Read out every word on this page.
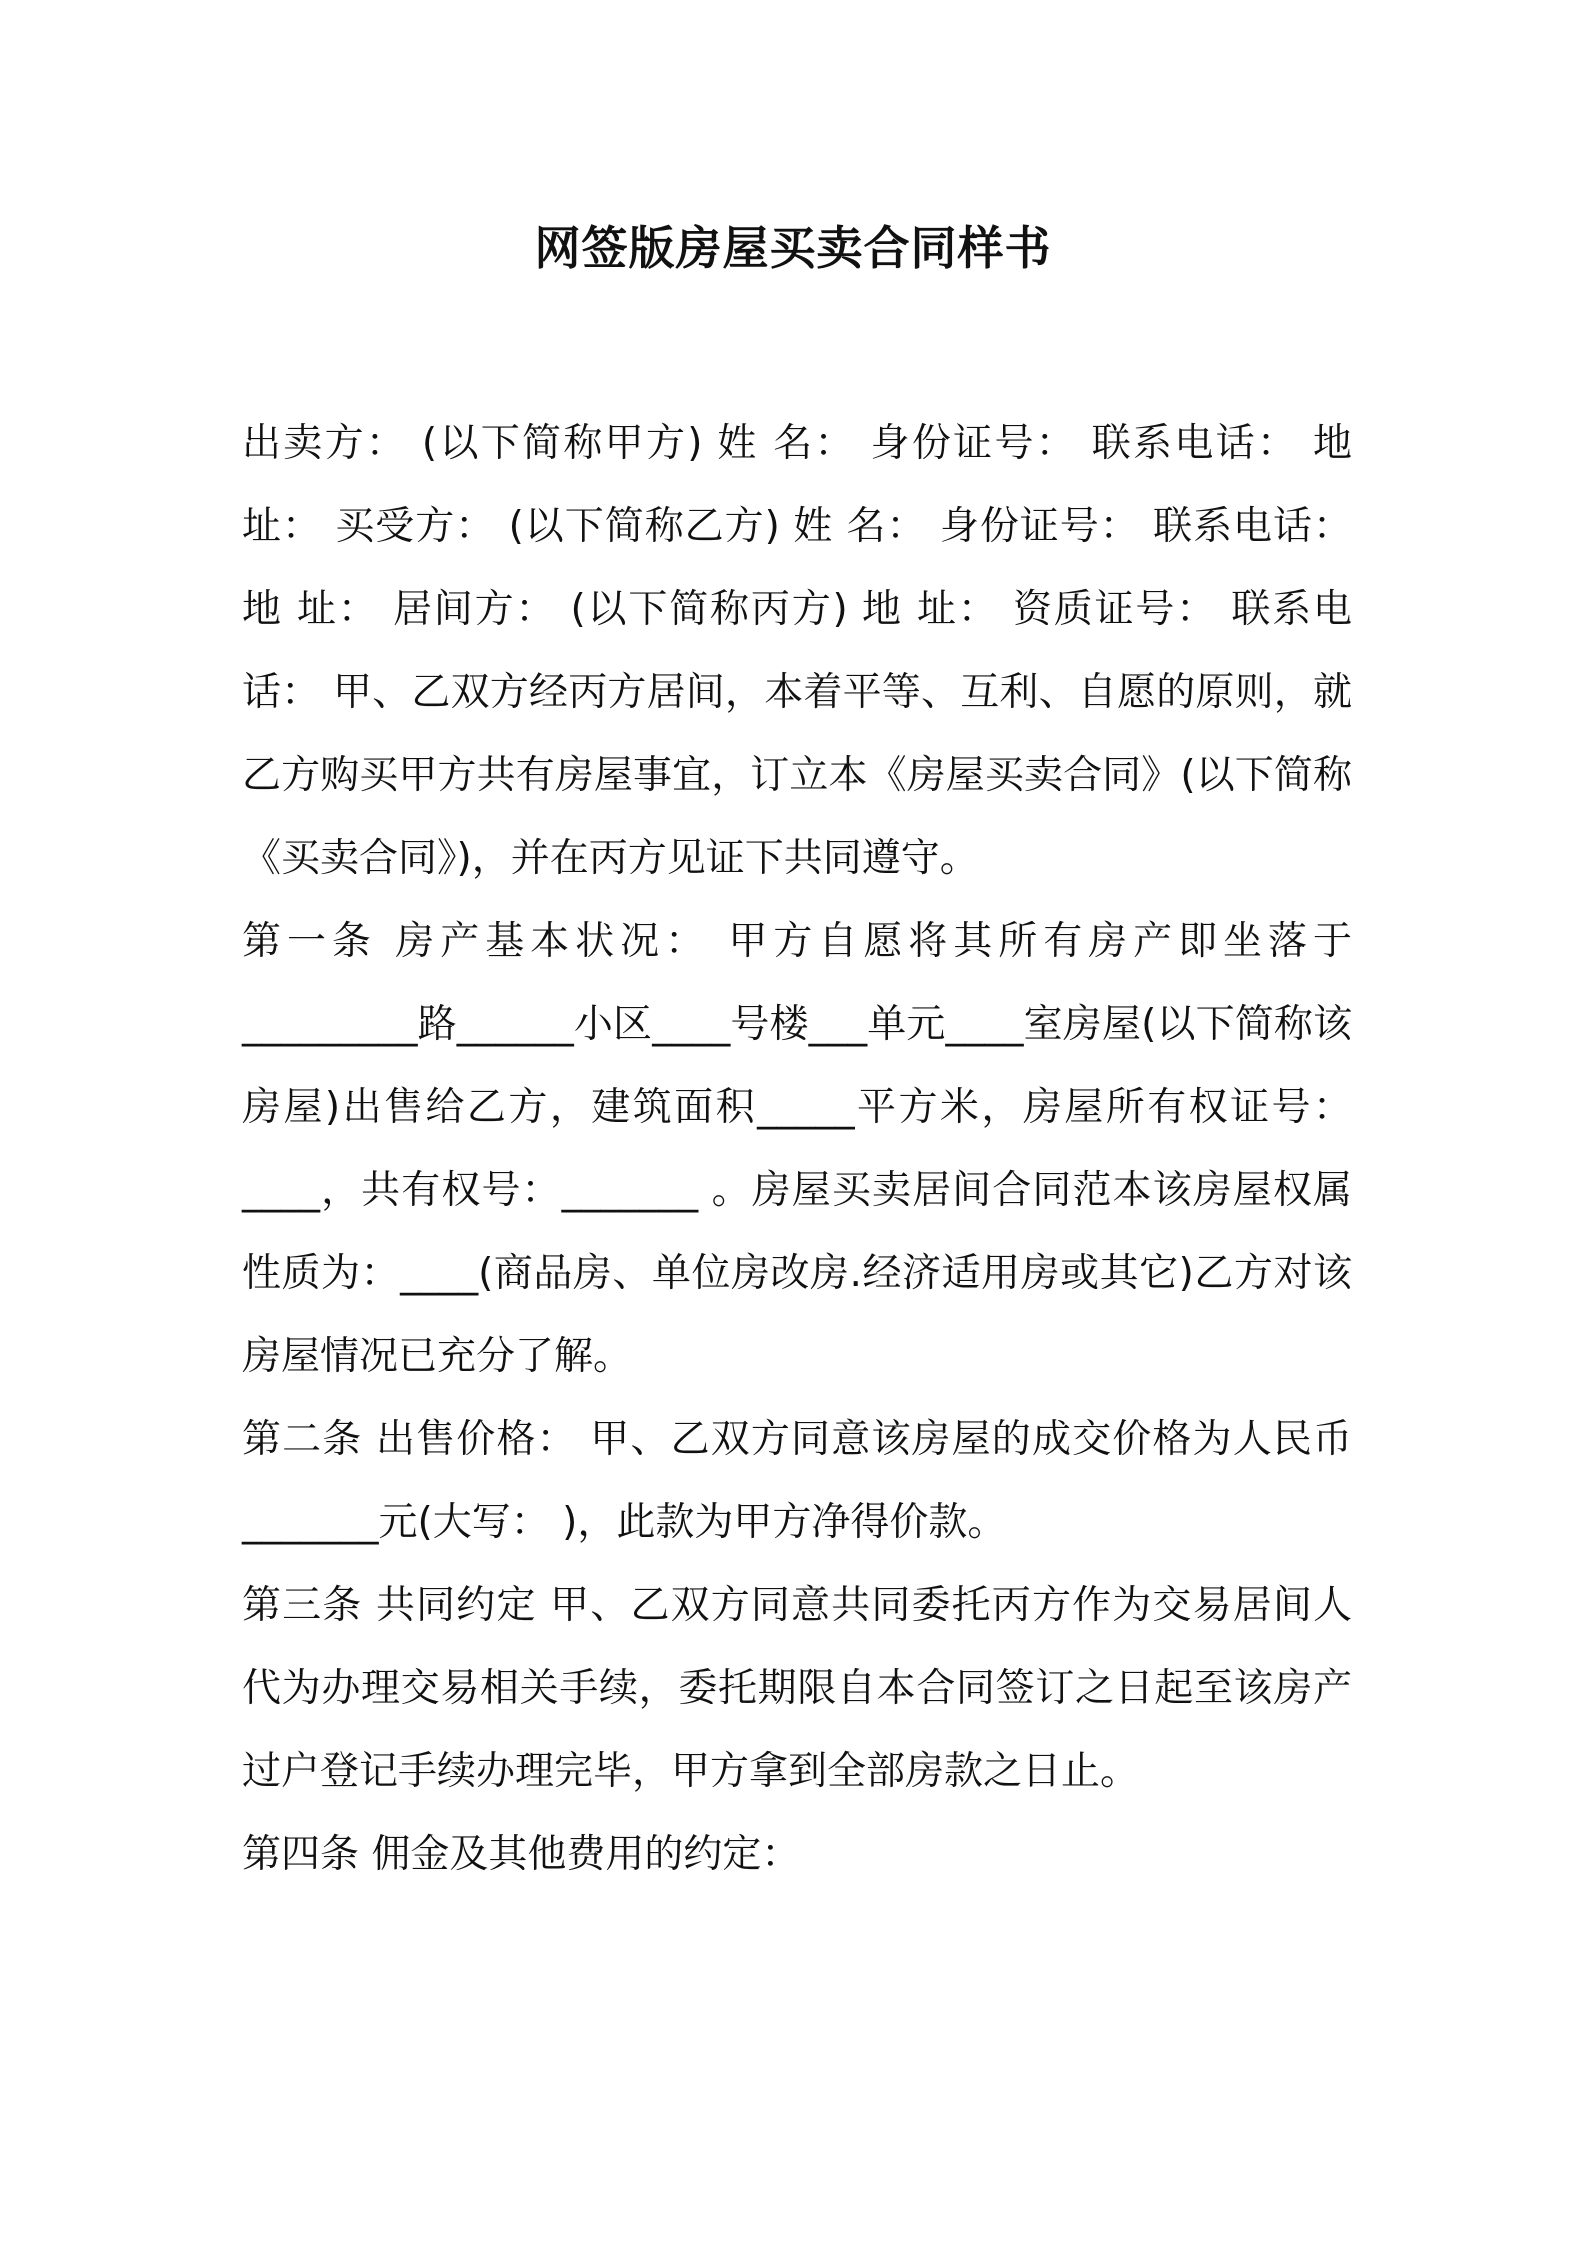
网签版房屋买卖合同样书

出卖方： (以下简称甲方) 姓 名： 身份证号： 联系电话： 地址： 买受方： (以下简称乙方) 姓 名： 身份证号： 联系电话： 地 址： 居间方： (以下简称丙方) 地 址： 资质证号： 联系电话： 甲、乙双方经丙方居间，本着平等、互利、自愿的原则，就乙方购买甲方共有房屋事宜，订立本《房屋买卖合同》(以下简称《买卖合同》)，并在丙方见证下共同遵守。

第一条 房产基本状况： 甲方自愿将其所有房产即坐落于_________路______小区____号楼___单元____室房屋(以下简称该房屋)出售给乙方，建筑面积_____平方米，房屋所有权证号：____，共有权号：_______ 。房屋买卖居间合同范本该房屋权属性质为：____(商品房、单位房改房.经济适用房或其它)乙方对该房屋情况已充分了解。

第二条 出售价格： 甲、乙双方同意该房屋的成交价格为人民币_______元(大写： )，此款为甲方净得价款。

第三条 共同约定 甲、乙双方同意共同委托丙方作为交易居间人代为办理交易相关手续，委托期限自本合同签订之日起至该房产过户登记手续办理完毕，甲方拿到全部房款之日止。

第四条 佣金及其他费用的约定：
